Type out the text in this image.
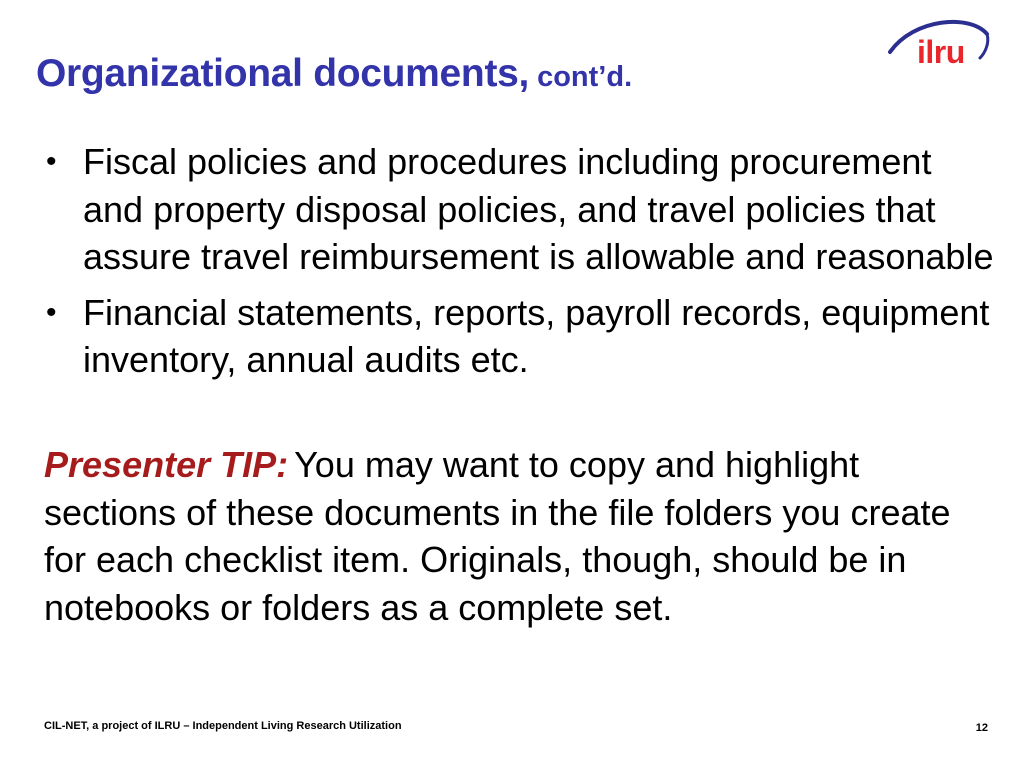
Organizational documents, cont’d.
ilru
• Fiscal policies and procedures including procurement and property disposal policies, and travel policies that assure travel reimbursement is allowable and reasonable
• Financial statements, reports, payroll records, equipment inventory, annual audits etc.

Presenter TIP: You may want to copy and highlight sections of these documents in the file folders you create for each checklist item. Originals, though, should be in notebooks or folders as a complete set.

CIL-NET, a project of ILRU – Independent Living Research Utilization	12
